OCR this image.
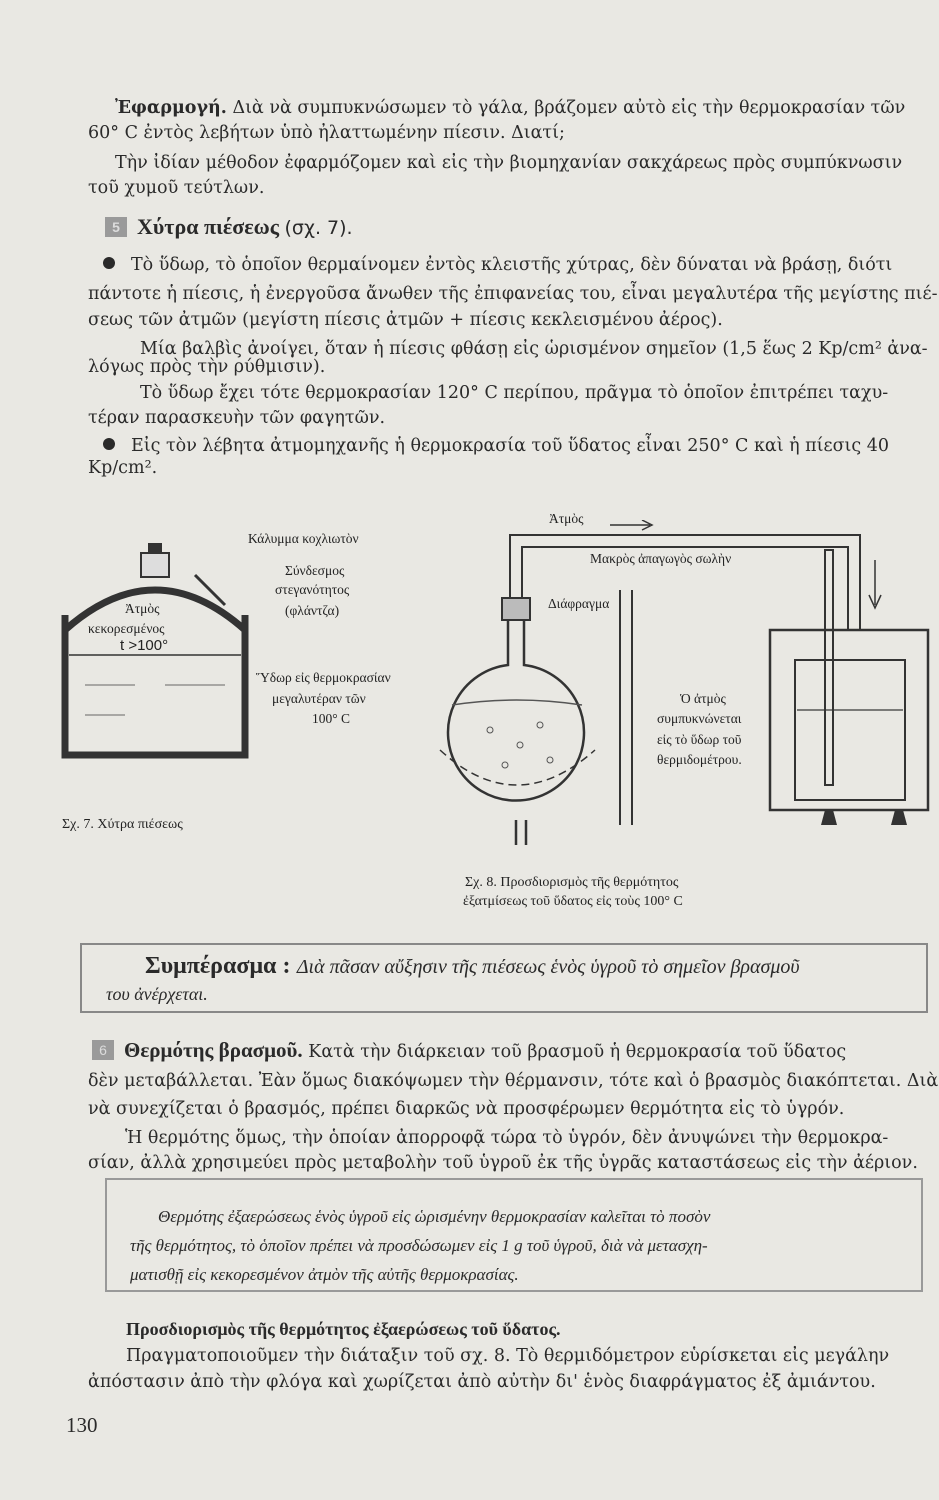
Ἐφαρμογή. Διὰ νὰ συμπυκνώσωμεν τὸ γάλα, βράζομεν αὐτὸ εἰς τὴν θερμοκρασίαν τῶν

60° C ἐντὸς λεβήτων ὑπὸ ἠλαττωμένην πίεσιν. Διατί;

Τὴν ἰδίαν μέθοδον ἐφαρμόζομεν καὶ εἰς τὴν βιομηχανίαν σακχάρεως πρὸς συμπύκνωσιν

τοῦ χυμοῦ τεύτλων.

5 Χύτρα πιέσεως (σχ. 7).

Τὸ ὕδωρ, τὸ ὁποῖον θερμαίνομεν ἐντὸς κλειστῆς χύτρας, δὲν δύναται νὰ βράσῃ, διότι

πάντοτε ἡ πίεσις, ἡ ἐνεργοῦσα ἄνωθεν τῆς ἐπιφανείας του, εἶναι μεγαλυτέρα τῆς μεγίστης πιέ-

σεως τῶν ἀτμῶν (μεγίστη πίεσις ἀτμῶν + πίεσις κεκλεισμένου ἀέρος).

Μία βαλβὶς ἀνοίγει, ὅταν ἡ πίεσις φθάσῃ εἰς ὡρισμένον σημεῖον (1,5 ἕως 2 Kp/cm² ἀνα-

λόγως πρὸς τὴν ρύθμισιν).

Τὸ ὕδωρ ἔχει τότε θερμοκρασίαν 120° C περίπου, πρᾶγμα τὸ ὁποῖον ἐπιτρέπει ταχυ-

τέραν παρασκευὴν τῶν φαγητῶν.

Εἰς τὸν λέβητα ἀτμομηχανῆς ἡ θερμοκρασία τοῦ ὕδατος εἶναι 250° C καὶ ἡ πίεσις 40

Kp/cm².

Κάλυμμα κοχλιωτὸν
Σύνδεσμος
στεγανότητος
(φλάντζα)
Ἀτμὸς
κεκορεσμένος
t >100°
Ὕδωρ εἰς θερμοκρασίαν
μεγαλυτέραν τῶν
100° C
Σχ. 7. Χύτρα πιέσεως
Ἀτμὸς
Μακρὸς ἀπαγωγὸς σωλὴν
Διάφραγμα
Ὁ ἀτμὸς
συμπυκνώνεται
εἰς τὸ ὕδωρ τοῦ
θερμιδομέτρου.
Σχ. 8. Προσδιορισμὸς τῆς θερμότητος
ἐξατμίσεως τοῦ ὕδατος εἰς τοὺς 100° C
Συμπέρασμα : Διὰ πᾶσαν αὔξησιν τῆς πιέσεως ἑνὸς ὑγροῦ τὸ σημεῖον βρασμοῦ
του ἀνέρχεται.
6 Θερμότης βρασμοῦ. Κατὰ τὴν διάρκειαν τοῦ βρασμοῦ ἡ θερμοκρασία τοῦ ὕδατος

δὲν μεταβάλλεται. Ἐὰν ὅμως διακόψωμεν τὴν θέρμανσιν, τότε καὶ ὁ βρασμὸς διακόπτεται. Διὰ

νὰ συνεχίζεται ὁ βρασμός, πρέπει διαρκῶς νὰ προσφέρωμεν θερμότητα εἰς τὸ ὑγρόν.

Ἡ θερμότης ὅμως, τὴν ὁποίαν ἀπορροφᾷ τώρα τὸ ὑγρόν, δὲν ἀνυψώνει τὴν θερμοκρα-

σίαν, ἀλλὰ χρησιμεύει πρὸς μεταβολὴν τοῦ ὑγροῦ ἐκ τῆς ὑγρᾶς καταστάσεως εἰς τὴν ἀέριον.

Θερμότης ἐξαερώσεως ἑνὸς ὑγροῦ εἰς ὡρισμένην θερμοκρασίαν καλεῖται τὸ ποσὸν
τῆς θερμότητος, τὸ ὁποῖον πρέπει νὰ προσδώσωμεν εἰς 1 g τοῦ ὑγροῦ, διὰ νὰ μετασχη-
ματισθῇ εἰς κεκορεσμένον ἀτμὸν τῆς αὐτῆς θερμοκρασίας.
Προσδιορισμὸς τῆς θερμότητος ἐξαερώσεως τοῦ ὕδατος.

Πραγματοποιοῦμεν τὴν διάταξιν τοῦ σχ. 8. Τὸ θερμιδόμετρον εὑρίσκεται εἰς μεγάλην

ἀπόστασιν ἀπὸ τὴν φλόγα καὶ χωρίζεται ἀπὸ αὐτὴν δι' ἑνὸς διαφράγματος ἐξ ἀμιάντου.

130
